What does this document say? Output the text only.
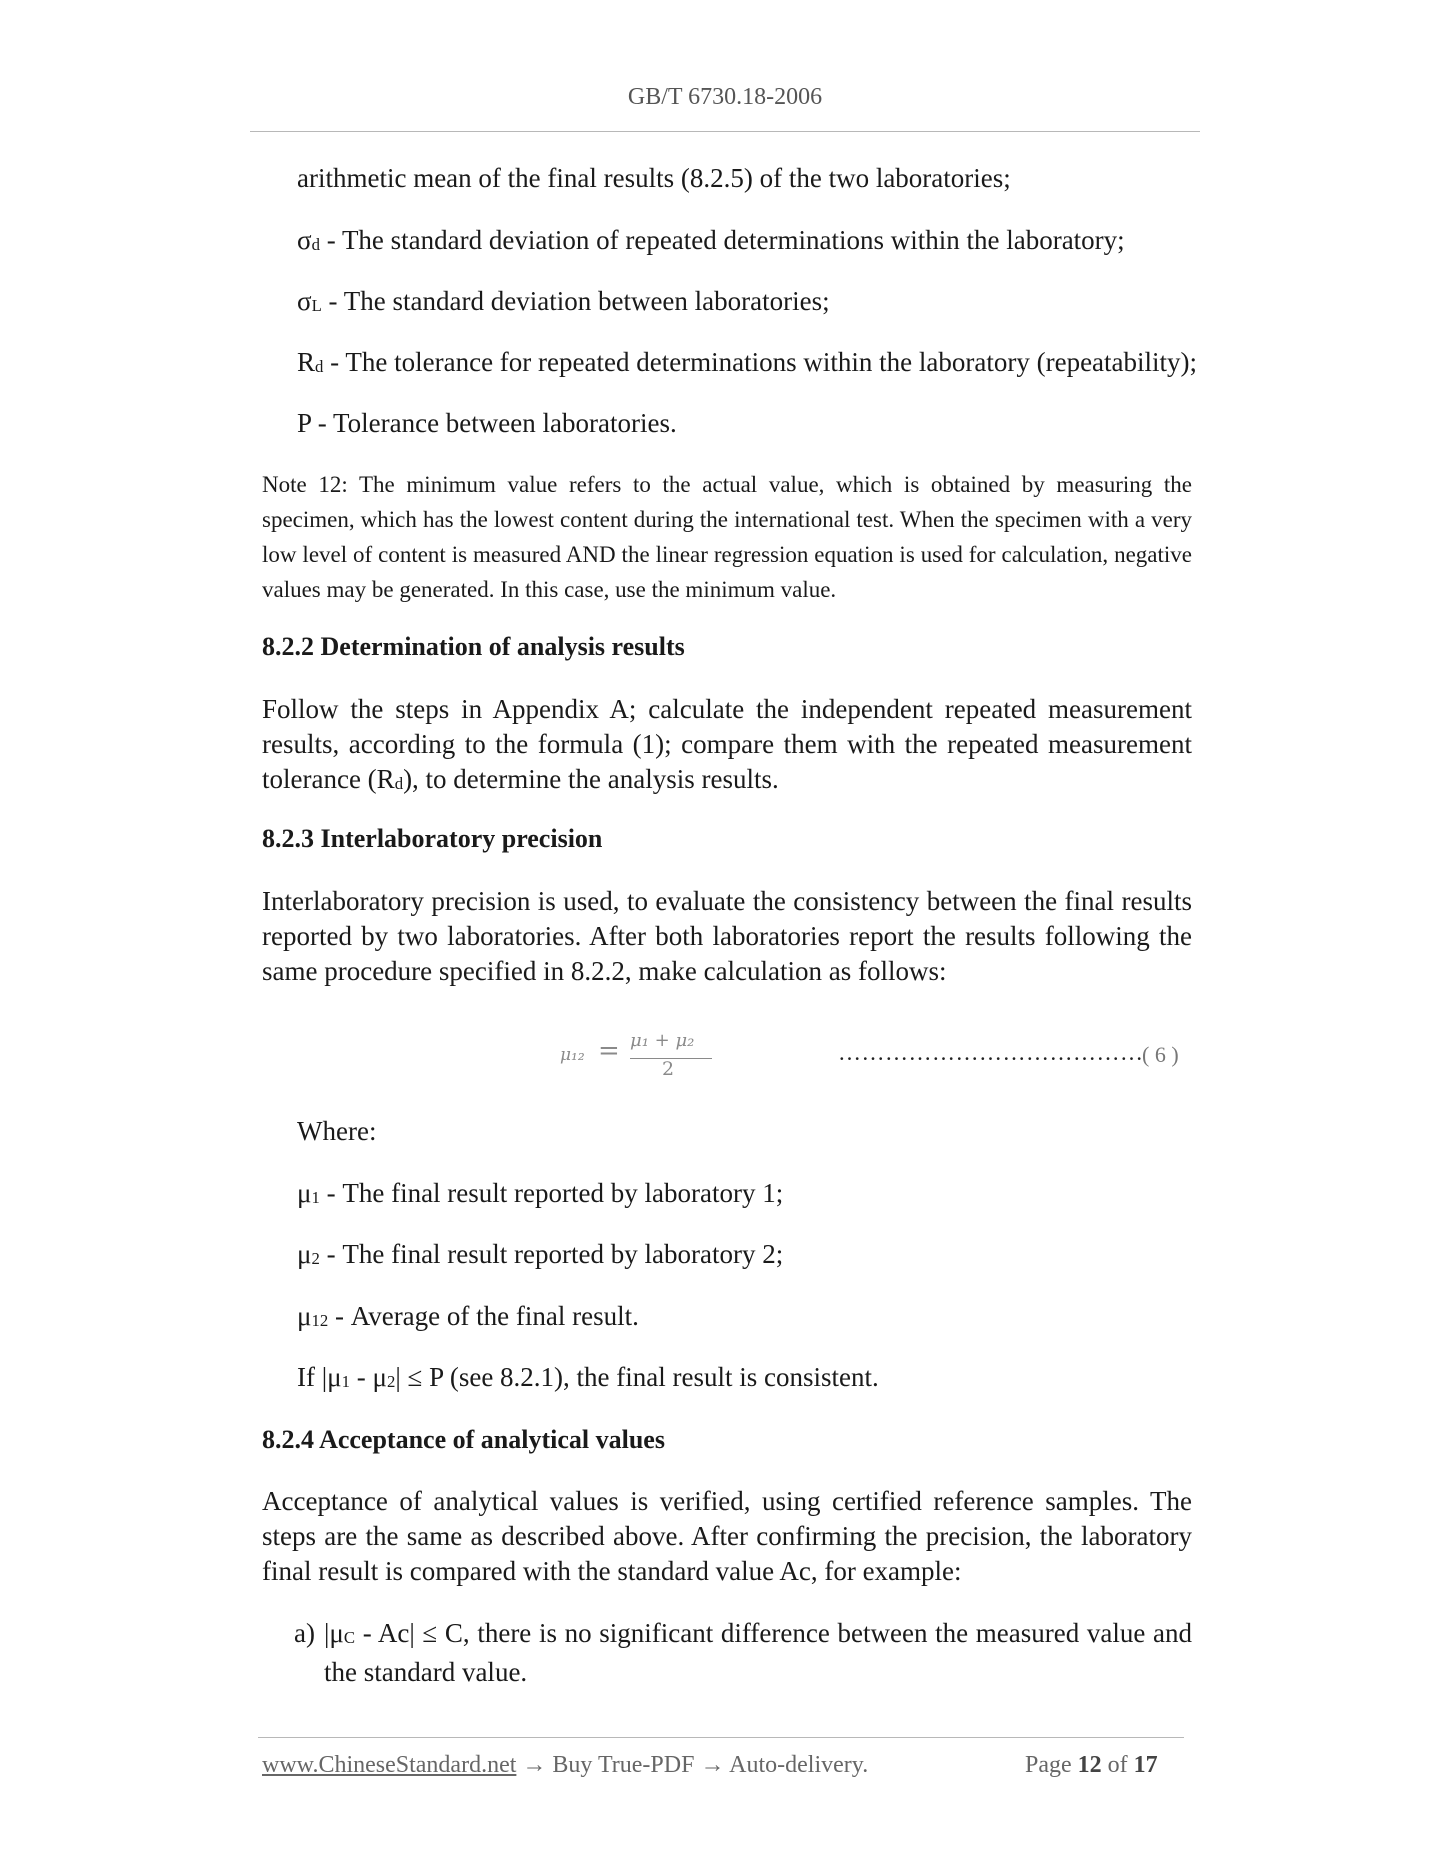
GB/T 6730.18-2006
arithmetic mean of the final results (8.2.5) of the two laboratories;
σd - The standard deviation of repeated determinations within the laboratory;
σL - The standard deviation between laboratories;
Rd - The tolerance for repeated determinations within the laboratory (repeatability);
P - Tolerance between laboratories.
Note 12: The minimum value refers to the actual value, which is obtained by measuring the specimen, which has the lowest content during the international test. When the specimen with a very low level of content is measured AND the linear regression equation is used for calculation, negative values may be generated. In this case, use the minimum value.
8.2.2 Determination of analysis results
Follow the steps in Appendix A; calculate the independent repeated measurement results, according to the formula (1); compare them with the repeated measurement tolerance (Rd), to determine the analysis results.
8.2.3 Interlaboratory precision
Interlaboratory precision is used, to evaluate the consistency between the final results reported by two laboratories. After both laboratories report the results following the same procedure specified in 8.2.2, make calculation as follows:
μ₁₂ = μ₁ + μ₂
2
…………………………………
( 6 )
Where:
μ1 - The final result reported by laboratory 1;
μ2 - The final result reported by laboratory 2;
μ12 - Average of the final result.
If |μ1 - μ2| ≤ P (see 8.2.1), the final result is consistent.
8.2.4 Acceptance of analytical values
Acceptance of analytical values is verified, using certified reference samples. The steps are the same as described above. After confirming the precision, the laboratory final result is compared with the standard value Ac, for example:
a) |μC - Ac| ≤ C, there is no significant difference between the measured value and the standard value.
www.ChineseStandard.net → Buy True-PDF → Auto-delivery.	Page 12 of 17
